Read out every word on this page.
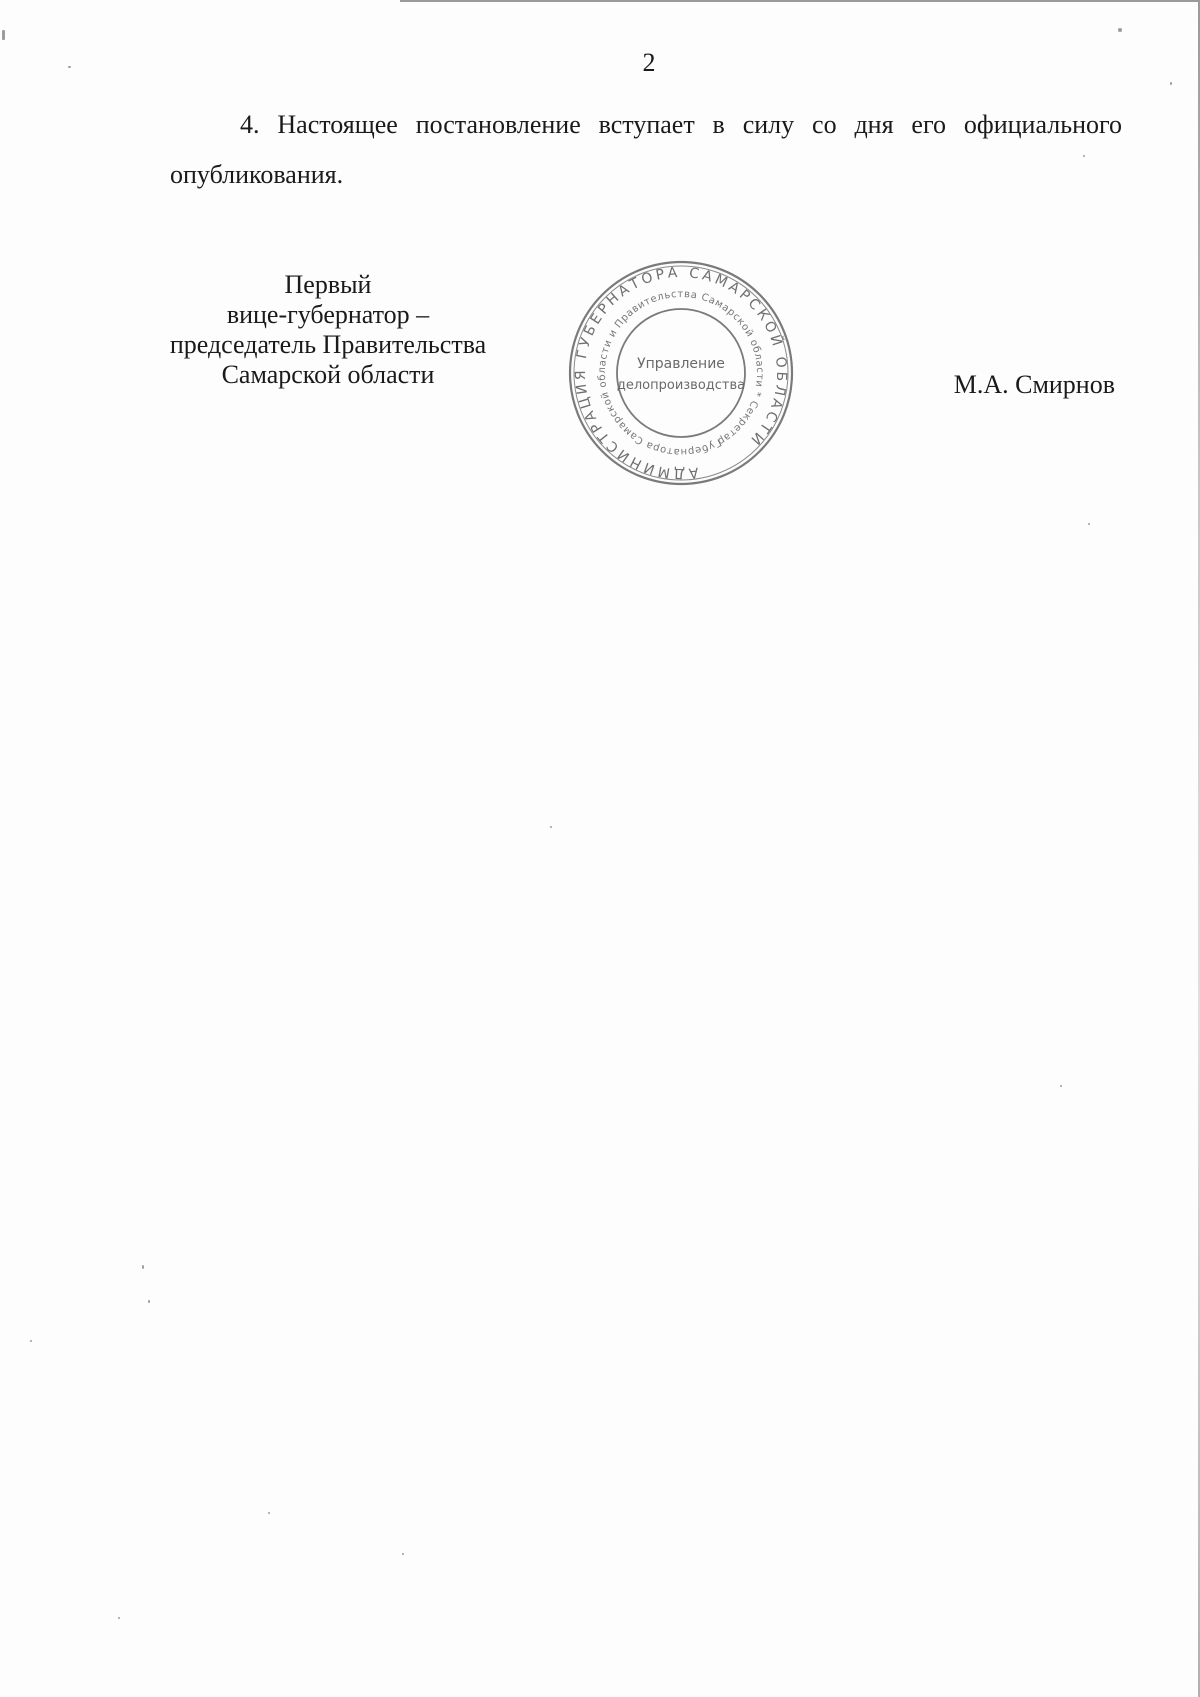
2

4. Настоящее постановление вступает в силу со дня его официального опубликования.

Первый
вице-губернатор –
председатель Правительства
Самарской области
АДМИНИСТРАЦИЯ ГУБЕРНАТОРА САМАРСКОЙ ОБЛАСТИ
Губернатора Самарской области и Правительства Самарской области * Секретариат
Управление
делопроизводства	М.А. Смирнов
